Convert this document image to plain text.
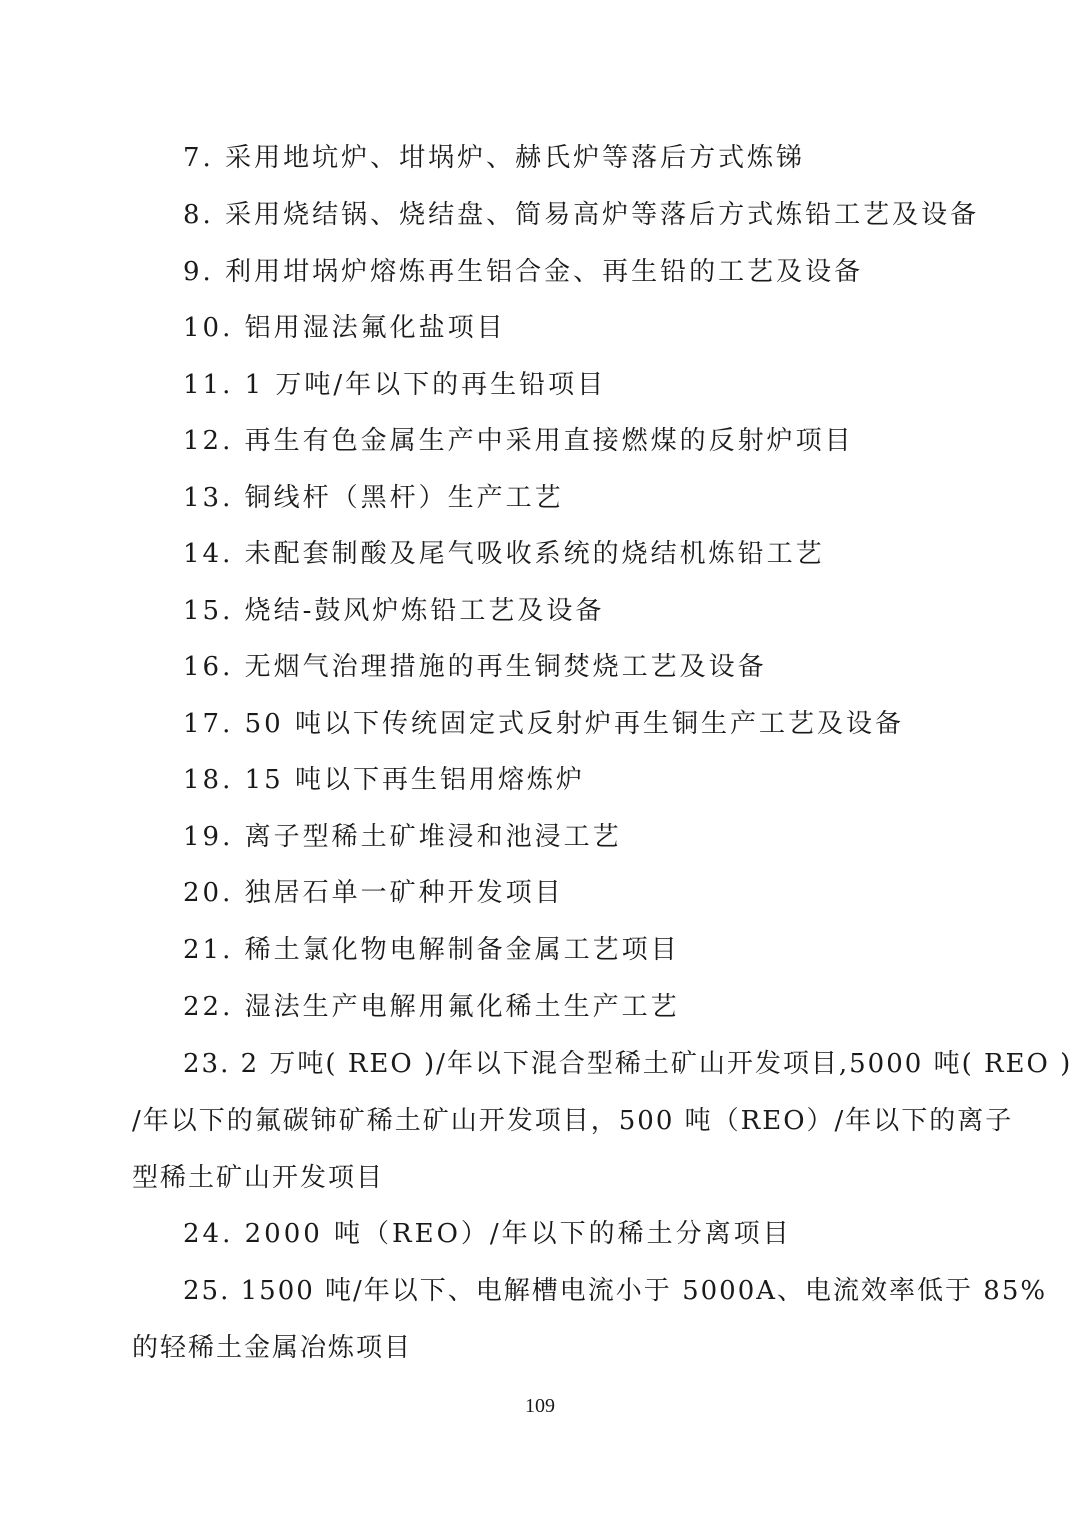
7. 采用地坑炉、坩埚炉、赫氏炉等落后方式炼锑
8. 采用烧结锅、烧结盘、简易高炉等落后方式炼铅工艺及设备
9. 利用坩埚炉熔炼再生铝合金、再生铅的工艺及设备
10. 铝用湿法氟化盐项目
11. 1 万吨/年以下的再生铅项目
12. 再生有色金属生产中采用直接燃煤的反射炉项目
13. 铜线杆（黑杆）生产工艺
14. 未配套制酸及尾气吸收系统的烧结机炼铅工艺
15. 烧结-鼓风炉炼铅工艺及设备
16. 无烟气治理措施的再生铜焚烧工艺及设备
17. 50 吨以下传统固定式反射炉再生铜生产工艺及设备
18. 15 吨以下再生铝用熔炼炉
19. 离子型稀土矿堆浸和池浸工艺
20. 独居石单一矿种开发项目
21. 稀土氯化物电解制备金属工艺项目
22. 湿法生产电解用氟化稀土生产工艺
23. 2 万吨( REO )/年以下混合型稀土矿山开发项目,5000 吨( REO )
/年以下的氟碳铈矿稀土矿山开发项目，500 吨（REO）/年以下的离子
型稀土矿山开发项目
24. 2000 吨（REO）/年以下的稀土分离项目
25. 1500 吨/年以下、电解槽电流小于 5000A、电流效率低于 85%
的轻稀土金属冶炼项目
109
